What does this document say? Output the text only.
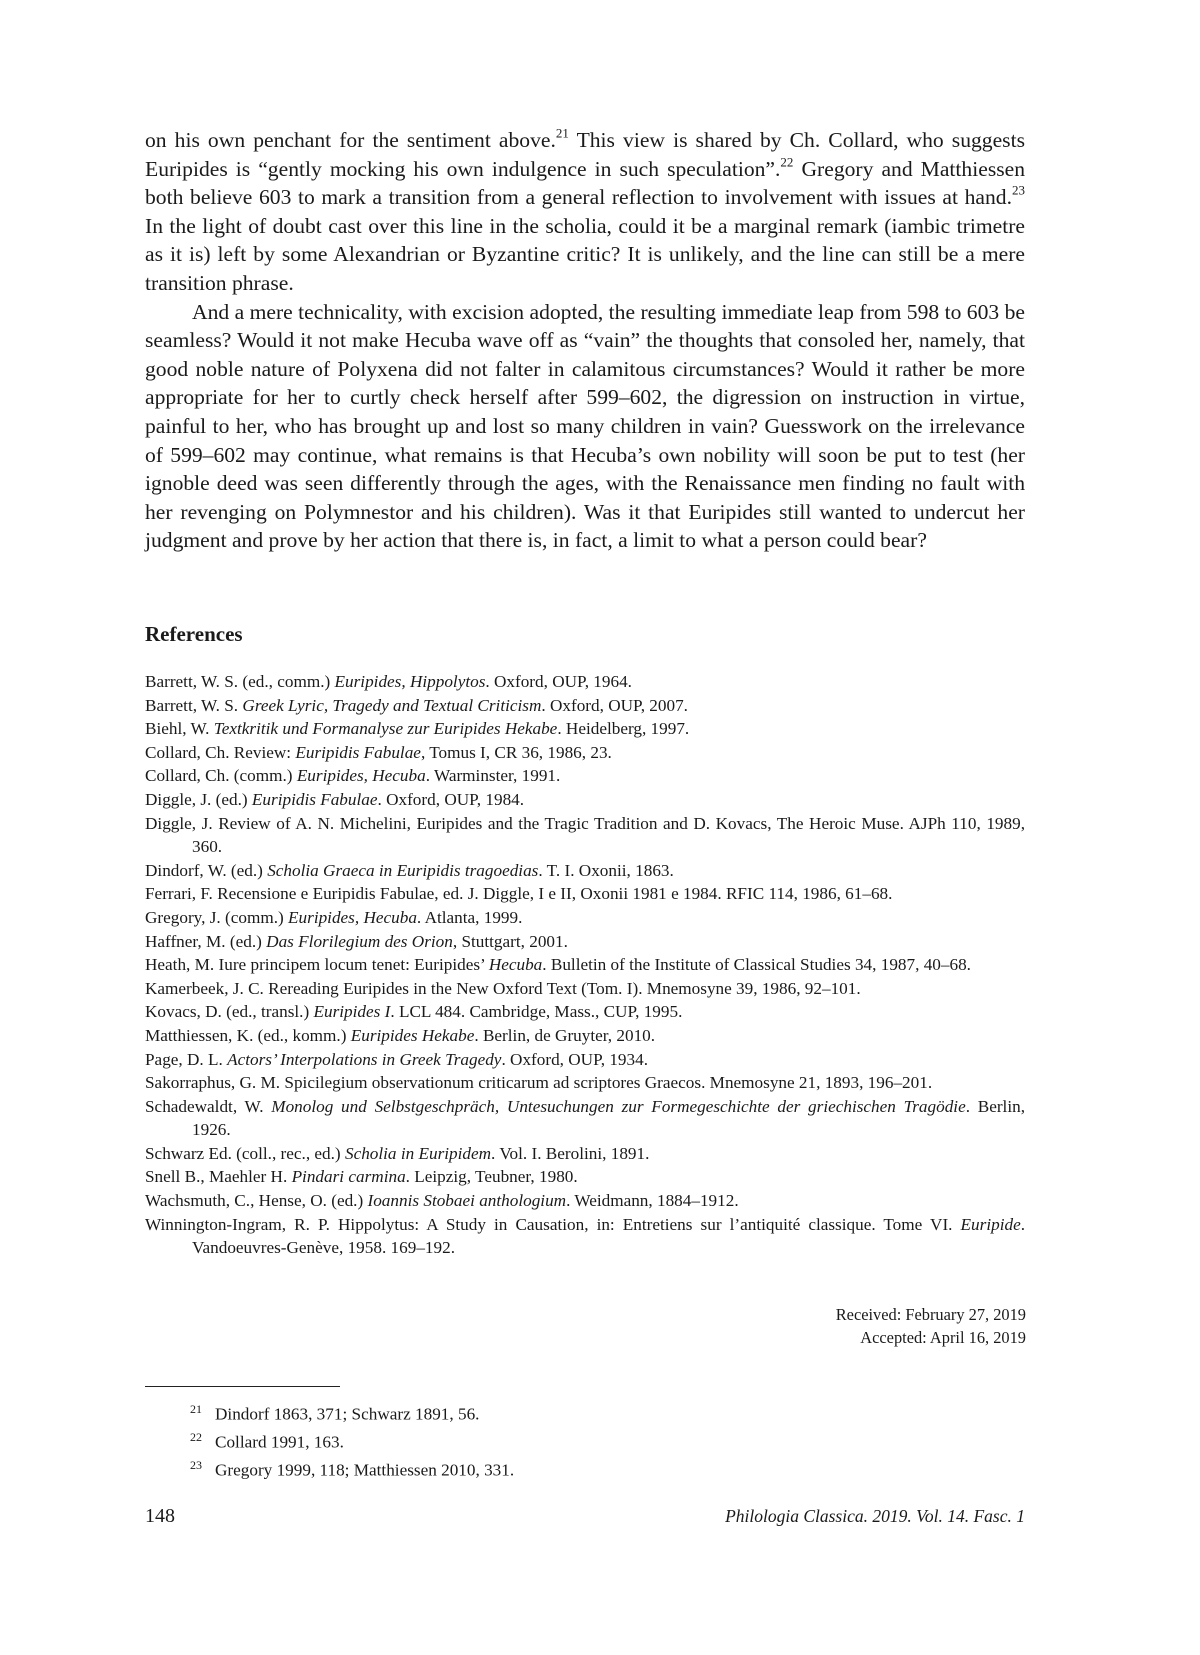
on his own penchant for the sentiment above.$^{21}$ This view is shared by Ch. Collard, who suggests Euripides is “gently mocking his own indulgence in such speculation”.$^{22}$ Gregory and Matthiessen both believe 603 to mark a transition from a general reflection to involvement with issues at hand.$^{23}$ In the light of doubt cast over this line in the scholia, could it be a marginal remark (iambic trimetre as it is) left by some Alexandrian or Byzantine critic? It is unlikely, and the line can still be a mere transition phrase.

And a mere technicality, with excision adopted, the resulting immediate leap from 598 to 603 be seamless? Would it not make Hecuba wave off as “vain” the thoughts that consoled her, namely, that good noble nature of Polyxena did not falter in calamitous circumstances? Would it rather be more appropriate for her to curtly check herself after 599–602, the digression on instruction in virtue, painful to her, who has brought up and lost so many children in vain? Guesswork on the irrelevance of 599–602 may continue, what remains is that Hecuba’s own nobility will soon be put to test (her ignoble deed was seen differently through the ages, with the Renaissance men finding no fault with her revenging on Polymnestor and his children). Was it that Euripides still wanted to undercut her judgment and prove by her action that there is, in fact, a limit to what a person could bear?

References
Barrett, W. S. (ed., comm.) Euripides, Hippolytos. Oxford, OUP, 1964.
Barrett, W. S. Greek Lyric, Tragedy and Textual Criticism. Oxford, OUP, 2007.
Biehl, W. Textkritik und Formanalyse zur Euripides Hekabe. Heidelberg, 1997.
Collard, Ch. Review: Euripidis Fabulae, Tomus I, CR 36, 1986, 23.
Collard, Ch. (comm.) Euripides, Hecuba. Warminster, 1991.
Diggle, J. (ed.) Euripidis Fabulae. Oxford, OUP, 1984.
Diggle, J. Review of A. N. Michelini, Euripides and the Tragic Tradition and D. Kovacs, The Heroic Muse. AJPh 110, 1989, 360.
Dindorf, W. (ed.) Scholia Graeca in Euripidis tragoedias. T. I. Oxonii, 1863.
Ferrari, F. Recensione e Euripidis Fabulae, ed. J. Diggle, I e II, Oxonii 1981 e 1984. RFIC 114, 1986, 61–68.
Gregory, J. (comm.) Euripides, Hecuba. Atlanta, 1999.
Haffner, M. (ed.) Das Florilegium des Orion, Stuttgart, 2001.
Heath, M. Iure principem locum tenet: Euripides’ Hecuba. Bulletin of the Institute of Classical Studies 34, 1987, 40–68.
Kamerbeek, J. C. Rereading Euripides in the New Oxford Text (Tom. I). Mnemosyne 39, 1986, 92–101.
Kovacs, D. (ed., transl.) Euripides I. LCL 484. Cambridge, Mass., CUP, 1995.
Matthiessen, K. (ed., komm.) Euripides Hekabe. Berlin, de Gruyter, 2010.
Page, D. L. Actors’ Interpolations in Greek Tragedy. Oxford, OUP, 1934.
Sakorraphus, G. M. Spicilegium observationum criticarum ad scriptores Graecos. Mnemosyne 21, 1893, 196–201.
Schadewaldt, W. Monolog und Selbstgeschpräch, Untesuchungen zur Formegeschichte der griechischen Tragödie. Berlin, 1926.
Schwarz Ed. (coll., rec., ed.) Scholia in Euripidem. Vol. I. Berolini, 1891.
Snell B., Maehler H. Pindari carmina. Leipzig, Teubner, 1980.
Wachsmuth, C., Hense, O. (ed.) Ioannis Stobaei anthologium. Weidmann, 1884–1912.
Winnington-Ingram, R. P. Hippolytus: A Study in Causation, in: Entretiens sur l’antiquité classique. Tome VI. Euripide. Vandoeuvres-Genève, 1958. 169–192.
Received: February 27, 2019
Accepted: April 16, 2019
21 Dindorf 1863, 371; Schwarz 1891, 56.
22 Collard 1991, 163.
23 Gregory 1999, 118; Matthiessen 2010, 331.
148	Philologia Classica. 2019. Vol. 14. Fasc. 1
